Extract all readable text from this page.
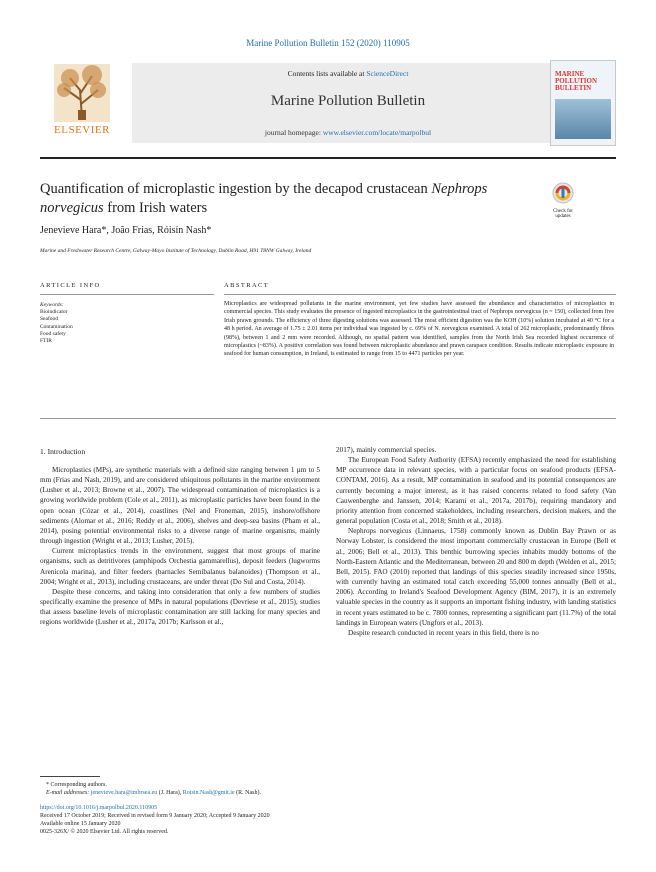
Marine Pollution Bulletin 152 (2020) 110905
ELSEVIER
Contents lists available at ScienceDirect
Marine Pollution Bulletin
journal homepage: www.elsevier.com/locate/marpolbul
MARINE POLLUTION BULLETIN
Quantification of microplastic ingestion by the decapod crustacean Nephrops
norvegicus from Irish waters	Check for
updates
Jenevieve Hara*, João Frias, Róisín Nash*
Marine and Freshwater Research Centre, Galway-Mayo Institute of Technology, Dublin Road, H91 T8NW Galway, Ireland
ARTICLE INFO	ABSTRACT
Keywords:
Bioindicator
Seafood
Contamination
Food safety
FTIR
Microplastics are widespread pollutants in the marine environment, yet few studies have assessed the abundance and characteristics of microplastics in commercial species. This study evaluates the presence of ingested microplastics in the gastrointestinal tract of Nephrops norvegicus (n = 150), collected from five Irish prawn grounds. The efficiency of three digesting solutions was assessed. The most efficient digestion was the KOH (10%) solution incubated at 40 °C for a 48 h period. An average of 1.75 ± 2.01 items per individual was ingested by c. 69% of N. norvegicus examined. A total of 262 microplastic, predominantly fibres (98%), between 1 and 2 mm were recorded. Although, no spatial pattern was identified, samples from the North Irish Sea recorded highest occurrence of microplastics (~83%). A positive correlation was found between microplastic abundance and prawn carapace condition. Results indicate microplastic exposure in seafood for human consumption, in Ireland, is estimated to range from 15 to 4471 particles per year.
1. Introduction

Microplastics (MPs), are synthetic materials with a defined size ranging between 1 µm to 5 mm (Frias and Nash, 2019), and are considered ubiquitous pollutants in the marine environment (Lusher et al., 2013; Browne et al., 2007). The widespread contamination of microplastics is a growing worldwide problem (Cole et al., 2011), as microplastic particles have been found in the open ocean (Cózar et al., 2014), coastlines (Nel and Froneman, 2015), inshore/offshore sediments (Alomar et al., 2016; Reddy et al., 2006), shelves and deep-sea basins (Pham et al., 2014), posing potential environmental risks to a diverse range of marine organisms, mainly through ingestion (Wright et al., 2013; Lusher, 2015).

Current microplastics trends in the environment, suggest that most groups of marine organisms, such as detritivores (amphipods Orchestia gammarellus), deposit feeders (lugworms Arenicola marina), and filter feeders (barnacles Semibalanus balanoides) (Thompson et al., 2004; Wright et al., 2013), including crustaceans, are under threat (Do Sul and Costa, 2014).

Despite these concerns, and taking into consideration that only a few numbers of studies specifically examine the presence of MPs in natural populations (Devriese et al., 2015), studies that assess baseline levels of microplastic contamination are still lacking for many species and regions worldwide (Lusher et al., 2017a, 2017b; Karlsson et al.,

2017), mainly commercial species.

The European Food Safety Authority (EFSA) recently emphasized the need for establishing MP occurrence data in relevant species, with a particular focus on seafood products (EFSA-CONTAM, 2016). As a result, MP contamination in seafood and its potential consequences are currently becoming a major interest, as it has raised concerns related to food safety (Van Cauwenberghe and Janssen, 2014; Karami et al., 2017a, 2017b), requiring mandatory and priority attention from concerned stakeholders, including researchers, decision makers, and the general population (Costa et al., 2018; Smith et al., 2018).

Nephrops norvegicus (Linnaeus, 1758) commonly known as Dublin Bay Prawn or as Norway Lobster, is considered the most important commercially crustacean in Europe (Bell et al., 2006; Bell et al., 2013). This benthic burrowing species inhabits muddy bottoms of the North-Eastern Atlantic and the Mediterranean, between 20 and 800 m depth (Welden et al., 2015; Bell, 2015). FAO (2010) reported that landings of this species steadily increased since 1950s, with currently having an estimated total catch exceeding 55,000 tonnes annually (Bell et al., 2006). According to Ireland's Seafood Development Agency (BIM, 2017), it is an extremely valuable species in the country as it supports an important fishing industry, with landing statistics in recent years estimated to be c. 7800 tonnes, representing a significant part (11.7%) of the total landings in European waters (Ungfors et al., 2013).

Despite research conducted in recent years in this field, there is no

* Corresponding authors.
E-mail addresses: jenevieve.hara@imbrsea.eu (J. Hara), Roisin.Nash@gmit.ie (R. Nash).
https://doi.org/10.1016/j.marpolbul.2020.110905
Received 17 October 2019; Received in revised form 9 January 2020; Accepted 9 January 2020
Available online 15 January 2020
0025-326X/ © 2020 Elsevier Ltd. All rights reserved.
